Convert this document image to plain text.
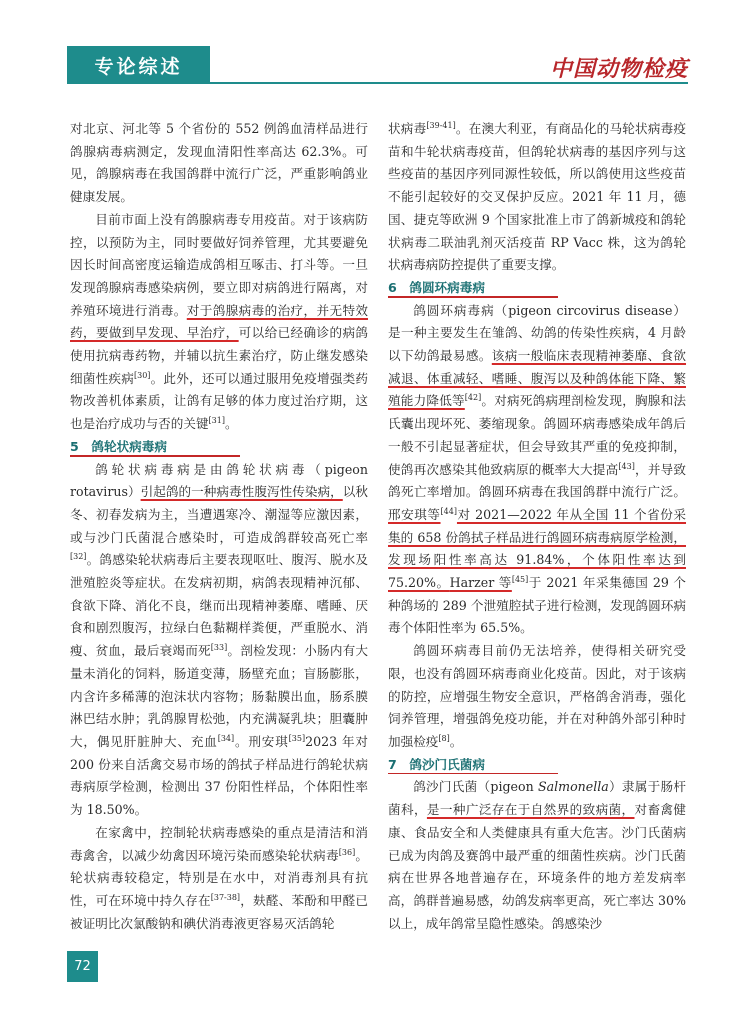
专论综述	中国动物检疫
对北京、河北等 5 个省份的 552 例鸽血清样品进行鸽腺病毒病测定，发现血清阳性率高达 62.3%。可见，鸽腺病毒在我国鸽群中流行广泛，严重影响鸽业健康发展。
目前市面上没有鸽腺病毒专用疫苗。对于该病防控，以预防为主，同时要做好饲养管理，尤其要避免因长时间高密度运输造成鸽相互啄击、打斗等。一旦发现鸽腺病毒感染病例，要立即对病鸽进行隔离，对养殖环境进行消毒。对于鸽腺病毒的治疗，并无特效药，要做到早发现、早治疗，可以给已经确诊的病鸽使用抗病毒药物，并辅以抗生素治疗，防止继发感染细菌性疾病[30]。此外，还可以通过服用免疫增强类药物改善机体素质，让鸽有足够的体力度过治疗期，这也是治疗成功与否的关键[31]。
5　鸽轮状病毒病
鸽轮状病毒病是由鸽轮状病毒（pigeon rotavirus）引起鸽的一种病毒性腹泻性传染病，以秋冬、初春发病为主，当遭遇寒冷、潮湿等应激因素，或与沙门氏菌混合感染时，可造成鸽群较高死亡率[32]。鸽感染轮状病毒后主要表现呕吐、腹泻、脱水及泄殖腔炎等症状。在发病初期，病鸽表现精神沉郁、食欲下降、消化不良，继而出现精神萎靡、嗜睡、厌食和剧烈腹泻，拉绿白色黏糊样粪便，严重脱水、消瘦、贫血，最后衰竭而死[33]。剖检发现：小肠内有大量未消化的饲料，肠道变薄，肠壁充血；盲肠膨胀，内含许多稀薄的泡沫状内容物；肠黏膜出血，肠系膜淋巴结水肿；乳鸽腺胃松弛，内充满凝乳块；胆囊肿大，偶见肝脏肿大、充血[34]。刑安琪[35]2023 年对 200 份来自活禽交易市场的鸽拭子样品进行鸽轮状病毒病原学检测，检测出 37 份阳性样品，个体阳性率为 18.50%。
在家禽中，控制轮状病毒感染的重点是清洁和消毒禽舍，以减少幼禽因环境污染而感染轮状病毒[36]。轮状病毒较稳定，特别是在水中，对消毒剂具有抗性，可在环境中持久存在[37-38]，麸醛、苯酚和甲醛已被证明比次氯酸钠和碘伏消毒液更容易灭活鸽轮
状病毒[39-41]。在澳大利亚，有商品化的马轮状病毒疫苗和牛轮状病毒疫苗，但鸽轮状病毒的基因序列与这些疫苗的基因序列同源性较低，所以鸽使用这些疫苗不能引起较好的交叉保护反应。2021 年 11 月，德国、捷克等欧洲 9 个国家批准上市了鸽新城疫和鸽轮状病毒二联油乳剂灭活疫苗 RP Vacc 株，这为鸽轮状病毒病防控提供了重要支撑。
6　鸽圆环病毒病
鸽圆环病毒病（pigeon circovirus disease）是一种主要发生在雏鸽、幼鸽的传染性疾病，4 月龄以下幼鸽最易感。该病一般临床表现精神萎靡、食欲减退、体重减轻、嗜睡、腹泻以及种鸽体能下降、繁殖能力降低等[42]。对病死鸽病理剖检发现，胸腺和法氏囊出现坏死、萎缩现象。鸽圆环病毒感染成年鸽后一般不引起显著症状，但会导致其严重的免疫抑制，使鸽再次感染其他致病原的概率大大提高[43]，并导致鸽死亡率增加。鸽圆环病毒在我国鸽群中流行广泛。邢安琪等[44]对 2021—2022 年从全国 11 个省份采集的 658 份鸽拭子样品进行鸽圆环病毒病原学检测，发现场阳性率高达 91.84%，个体阳性率达到 75.20%。Harzer 等[45]于 2021 年采集德国 29 个种鸽场的 289 个泄殖腔拭子进行检测，发现鸽圆环病毒个体阳性率为 65.5%。
鸽圆环病毒目前仍无法培养，使得相关研究受限，也没有鸽圆环病毒商业化疫苗。因此，对于该病的防控，应增强生物安全意识，严格鸽舍消毒，强化饲养管理，增强鸽免疫功能，并在对种鸽外部引种时加强检疫[8]。
7　鸽沙门氏菌病
鸽沙门氏菌（pigeon Salmonella）隶属于肠杆菌科，是一种广泛存在于自然界的致病菌，对畜禽健康、食品安全和人类健康具有重大危害。沙门氏菌病已成为肉鸽及赛鸽中最严重的细菌性疾病。沙门氏菌病在世界各地普遍存在，环境条件的地方差发病率高，鸽群普遍易感，幼鸽发病率更高，死亡率达 30% 以上，成年鸽常呈隐性感染。鸽感染沙
72
